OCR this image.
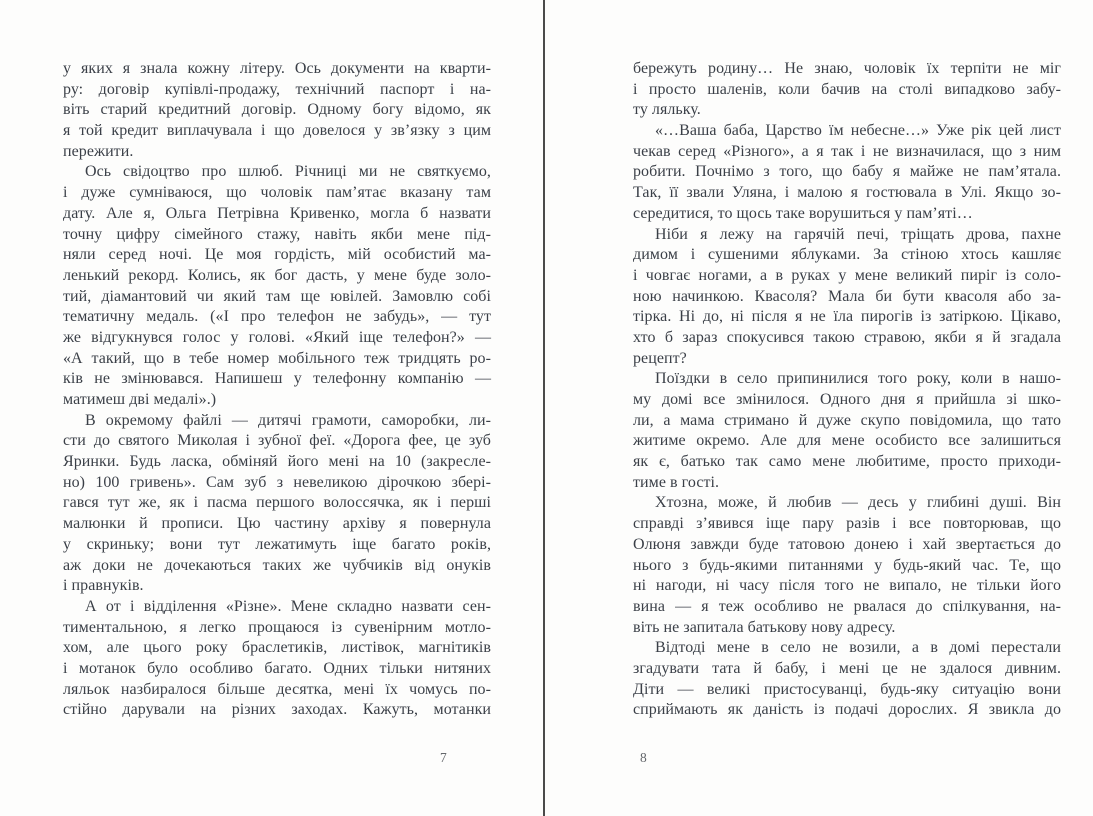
у яких я знала кожну літеру. Ось документи на кварти-
ру: договір купівлі-продажу, технічний паспорт і на-
віть старий кредитний договір. Одному богу відомо, як
я той кредит виплачувала і що довелося у зв’язку з цим
пережити.
Ось свідоцтво про шлюб. Річниці ми не святкуємо,
і дуже сумніваюся, що чоловік пам’ятає вказану там
дату. Але я, Ольга Петрівна Кривенко, могла б назвати
точну цифру сімейного стажу, навіть якби мене під-
няли серед ночі. Це моя гордість, мій особистий ма-
ленький рекорд. Колись, як бог дасть, у мене буде золо-
тий, діамантовий чи який там ще ювілей. Замовлю собі
тематичну медаль. («І про телефон не забудь», — тут
же відгукнувся голос у голові. «Який іще телефон?» —
«А такий, що в тебе номер мобільного теж тридцять ро-
ків не змінювався. Напишеш у телефонну компанію —
матимеш дві медалі».)
В окремому файлі — дитячі грамоти, саморобки, ли-
сти до святого Миколая і зубної феї. «Дорога фее, це зуб
Яринки. Будь ласка, обміняй його мені на 10 (закресле-
но) 100 гривень». Сам зуб з невеликою дірочкою збері-
гався тут же, як і пасма першого волоссячка, як і перші
малюнки й прописи. Цю частину архіву я повернула
у скриньку; вони тут лежатимуть іще багато років,
аж доки не дочекаються таких же чубчиків від онуків
і правнуків.
А от і відділення «Різне». Мене складно назвати сен-
тиментальною, я легко прощаюся із сувенірним мотло-
хом, але цього року браслетиків, листівок, магнітиків
і мотанок було особливо багато. Одних тільки нитяних
ляльок назбиралося більше десятка, мені їх чомусь по-
стійно дарували на різних заходах. Кажуть, мотанки
бережуть родину… Не знаю, чоловік їх терпіти не міг
і просто шаленів, коли бачив на столі випадково забу-
ту ляльку.
«…Ваша баба, Царство їм небесне…» Уже рік цей лист
чекав серед «Різного», а я так і не визначилася, що з ним
робити. Почнімо з того, що бабу я майже не пам’ятала.
Так, її звали Уляна, і малою я гостювала в Улі. Якщо зо-
середитися, то щось таке ворушиться у пам’яті…
Ніби я лежу на гарячій печі, тріщать дрова, пахне
димом і сушеними яблуками. За стіною хтось кашляє
і човгає ногами, а в руках у мене великий пиріг із соло-
ною начинкою. Квасоля? Мала би бути квасоля або за-
тірка. Ні до, ні після я не їла пирогів із затіркою. Цікаво,
хто б зараз спокусився такою стравою, якби я й згадала
рецепт?
Поїздки в село припинилися того року, коли в нашо-
му домі все змінилося. Одного дня я прийшла зі шко-
ли, а мама стримано й дуже скупо повідомила, що тато
житиме окремо. Але для мене особисто все залишиться
як є, батько так само мене любитиме, просто приходи-
тиме в гості.
Хтозна, може, й любив — десь у глибині душі. Він
справді з’явився іще пару разів і все повторював, що
Олюня завжди буде татовою донею і хай звертається до
нього з будь-якими питаннями у будь-який час. Те, що
ні нагоди, ні часу після того не випало, не тільки його
вина — я теж особливо не рвалася до спілкування, на-
віть не запитала батькову нову адресу.
Відтоді мене в село не возили, а в домі перестали
згадувати тата й бабу, і мені це не здалося дивним.
Діти — великі пристосуванці, будь-яку ситуацію вони
сприймають як даність із подачі дорослих. Я звикла до
7	8
